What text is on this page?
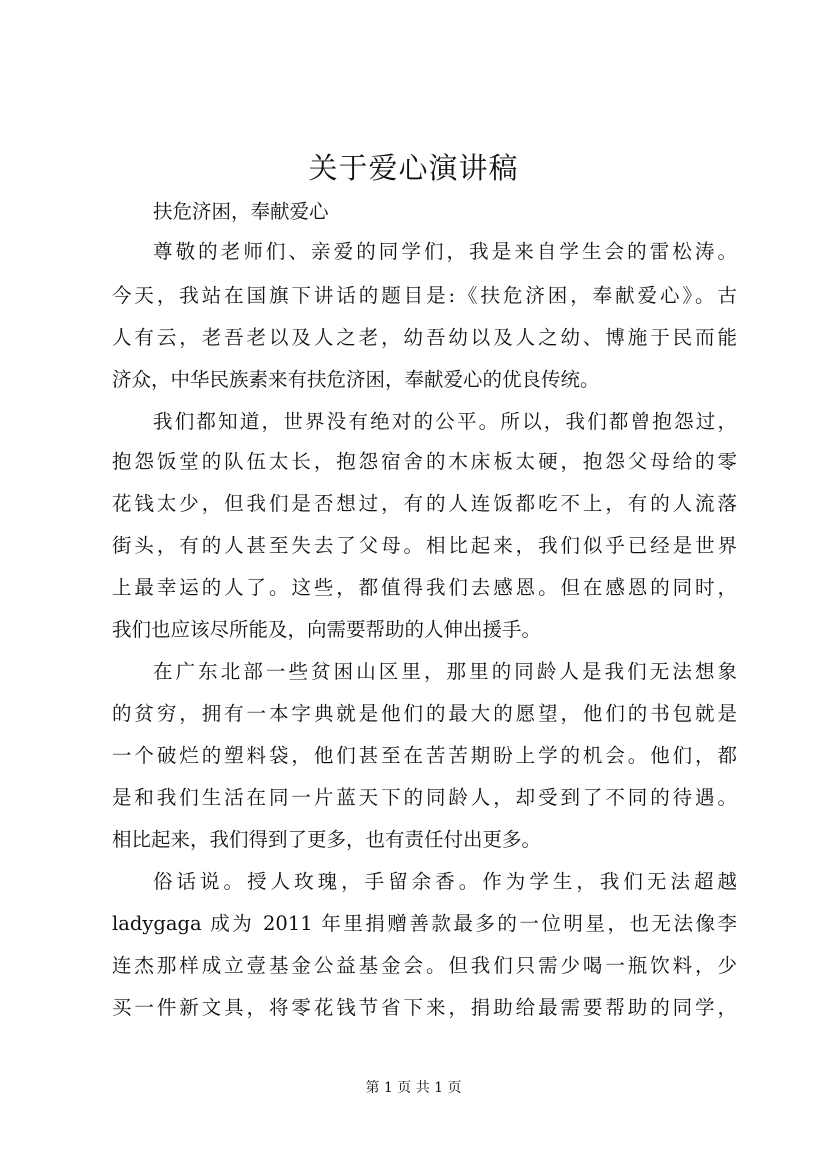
关于爱心演讲稿
扶危济困，奉献爱心
尊敬的老师们、亲爱的同学们，我是来自学生会的雷松涛。
今天，我站在国旗下讲话的题目是:《扶危济困，奉献爱心》。古
人有云，老吾老以及人之老，幼吾幼以及人之幼、博施于民而能
济众，中华民族素来有扶危济困，奉献爱心的优良传统。
我们都知道，世界没有绝对的公平。所以，我们都曾抱怨过，
抱怨饭堂的队伍太长，抱怨宿舍的木床板太硬，抱怨父母给的零
花钱太少，但我们是否想过，有的人连饭都吃不上，有的人流落
街头，有的人甚至失去了父母。相比起来，我们似乎已经是世界
上最幸运的人了。这些，都值得我们去感恩。但在感恩的同时，
我们也应该尽所能及，向需要帮助的人伸出援手。
在广东北部一些贫困山区里，那里的同龄人是我们无法想象
的贫穷，拥有一本字典就是他们的最大的愿望，他们的书包就是
一个破烂的塑料袋，他们甚至在苦苦期盼上学的机会。他们，都
是和我们生活在同一片蓝天下的同龄人，却受到了不同的待遇。
相比起来，我们得到了更多，也有责任付出更多。
俗话说。授人玫瑰，手留余香。作为学生，我们无法超越
ladygaga 成为 2011 年里捐赠善款最多的一位明星，也无法像李
连杰那样成立壹基金公益基金会。但我们只需少喝一瓶饮料，少
买一件新文具，将零花钱节省下来，捐助给最需要帮助的同学，
第 1 页 共 1 页
